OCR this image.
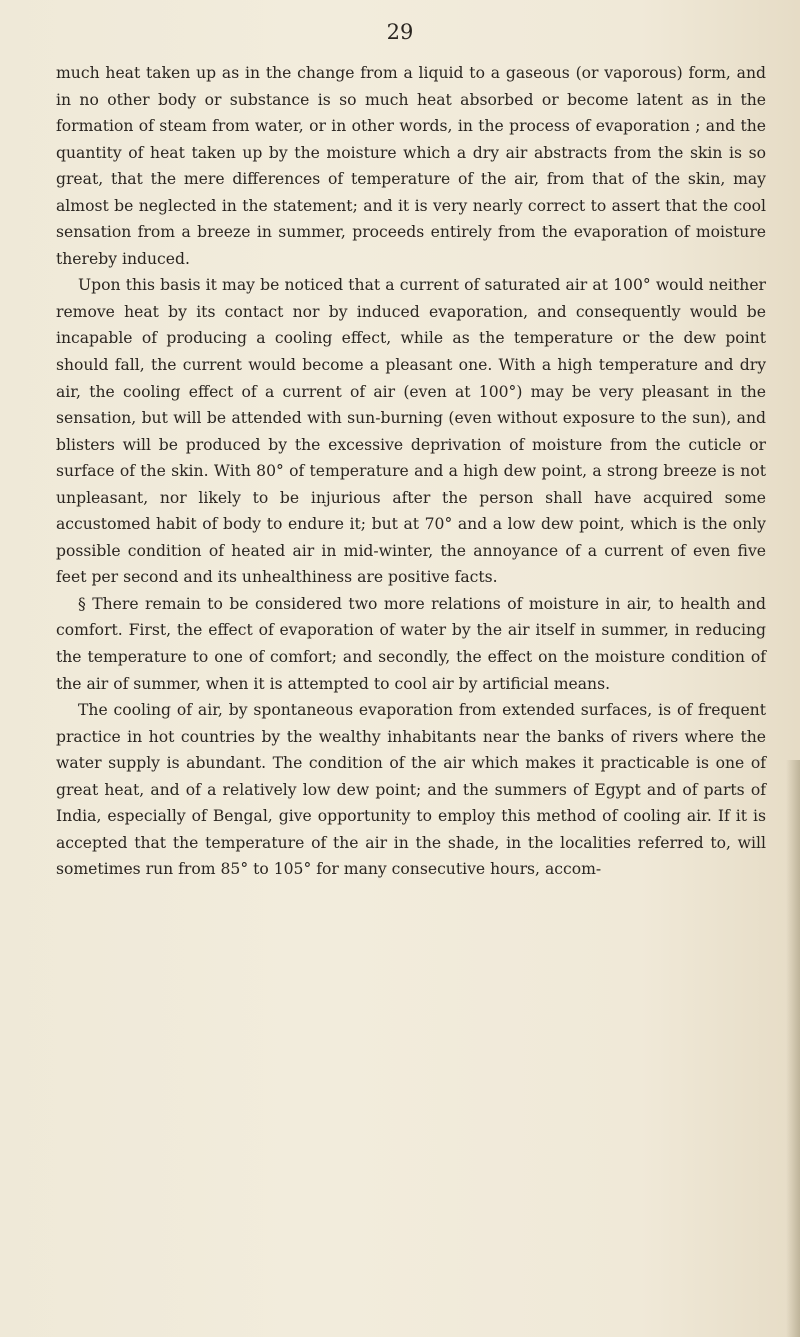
29

much heat taken up as in the change from a liquid to a gaseous (or vaporous) form, and in no other body or substance is so much heat absorbed or become latent as in the formation of steam from water, or in other words, in the process of evaporation ; and the quantity of heat taken up by the moisture which a dry air abstracts from the skin is so great, that the mere differences of temperature of the air, from that of the skin, may almost be neglected in the statement; and it is very nearly correct to assert that the cool sensation from a breeze in summer, proceeds entirely from the evaporation of moisture thereby induced.

Upon this basis it may be noticed that a current of saturated air at 100° would neither remove heat by its contact nor by induced evaporation, and consequently would be incapable of producing a cooling effect, while as the temperature or the dew point should fall, the current would become a pleasant one. With a high temperature and dry air, the cooling effect of a current of air (even at 100°) may be very pleasant in the sensation, but will be attended with sun-burning (even without exposure to the sun), and blisters will be produced by the excessive deprivation of moisture from the cuticle or surface of the skin. With 80° of temperature and a high dew point, a strong breeze is not unpleasant, nor likely to be injurious after the person shall have acquired some accustomed habit of body to endure it; but at 70° and a low dew point, which is the only possible condition of heated air in mid-winter, the annoyance of a current of even five feet per second and its unhealthiness are positive facts.

§ There remain to be considered two more relations of moisture in air, to health and comfort. First, the effect of evaporation of water by the air itself in summer, in reducing the temperature to one of comfort; and secondly, the effect on the moisture condition of the air of summer, when it is attempted to cool air by artificial means.

The cooling of air, by spontaneous evaporation from extended surfaces, is of frequent practice in hot countries by the wealthy inhabitants near the banks of rivers where the water supply is abundant. The condition of the air which makes it practicable is one of great heat, and of a relatively low dew point; and the summers of Egypt and of parts of India, especially of Bengal, give opportunity to employ this method of cooling air. If it is accepted that the temperature of the air in the shade, in the localities referred to, will sometimes run from 85° to 105° for many consecutive hours, accom-
